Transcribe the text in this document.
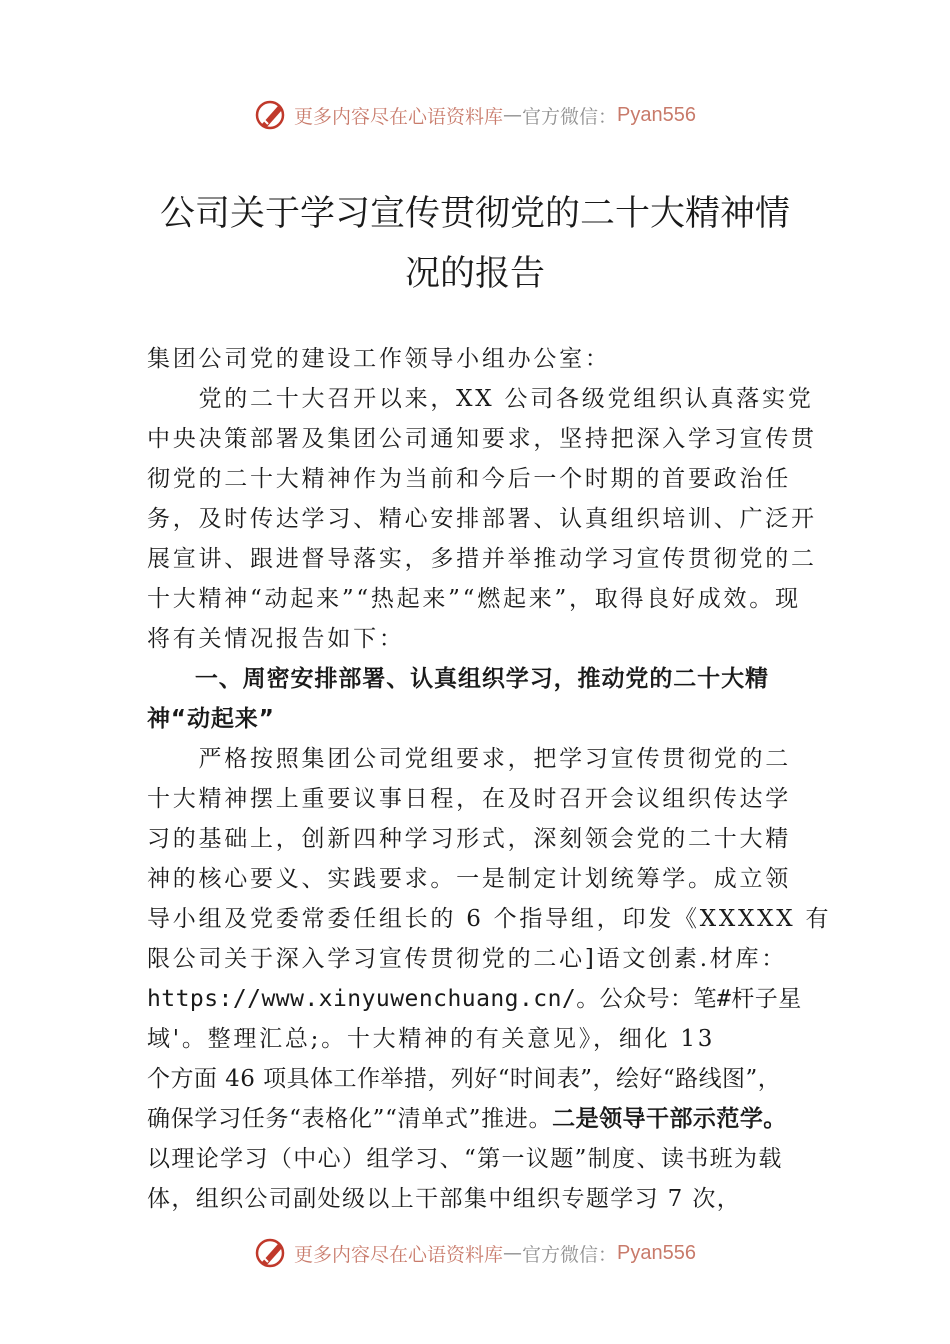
更多内容尽在心语资料库 — 官方微信： Pyan556
公司关于学习宣传贯彻党的二十大精神情
况的报告
集团公司党的建设工作领导小组办公室：
　　党的二十大召开以来，XX 公司各级党组织认真落实党
中央决策部署及集团公司通知要求，坚持把深入学习宣传贯
彻党的二十大精神作为当前和今后一个时期的首要政治任
务，及时传达学习、精心安排部署、认真组织培训、广泛开
展宣讲、跟进督导落实，多措并举推动学习宣传贯彻党的二
十大精神“动起来”“热起来”“燃起来”，取得良好成效。现
将有关情况报告如下：
　　一、周密安排部署、认真组织学习，推动党的二十大精
神“动起来”
　　严格按照集团公司党组要求，把学习宣传贯彻党的二
十大精神摆上重要议事日程，在及时召开会议组织传达学
习的基础上，创新四种学习形式，深刻领会党的二十大精
神的核心要义、实践要求。一是制定计划统筹学。成立领
导小组及党委常委任组长的 6 个指导组，印发《XXXXX 有
限公司关于深入学习宣传贯彻党的二心]语文创素.材库：
https://www.xinyuwenchuang.cn/。公众号：笔#杆子星
域'。整理汇总;。十大精神的有关意见》，细化 13
个方面 46 项具体工作举措，列好“时间表”，绘好“路线图”，
确保学习任务“表格化”“清单式”推进。二是领导干部示范学。
以理论学习（中心）组学习、“第一议题”制度、读书班为载
体，组织公司副处级以上干部集中组织专题学习 7 次，
更多内容尽在心语资料库 — 官方微信： Pyan556
